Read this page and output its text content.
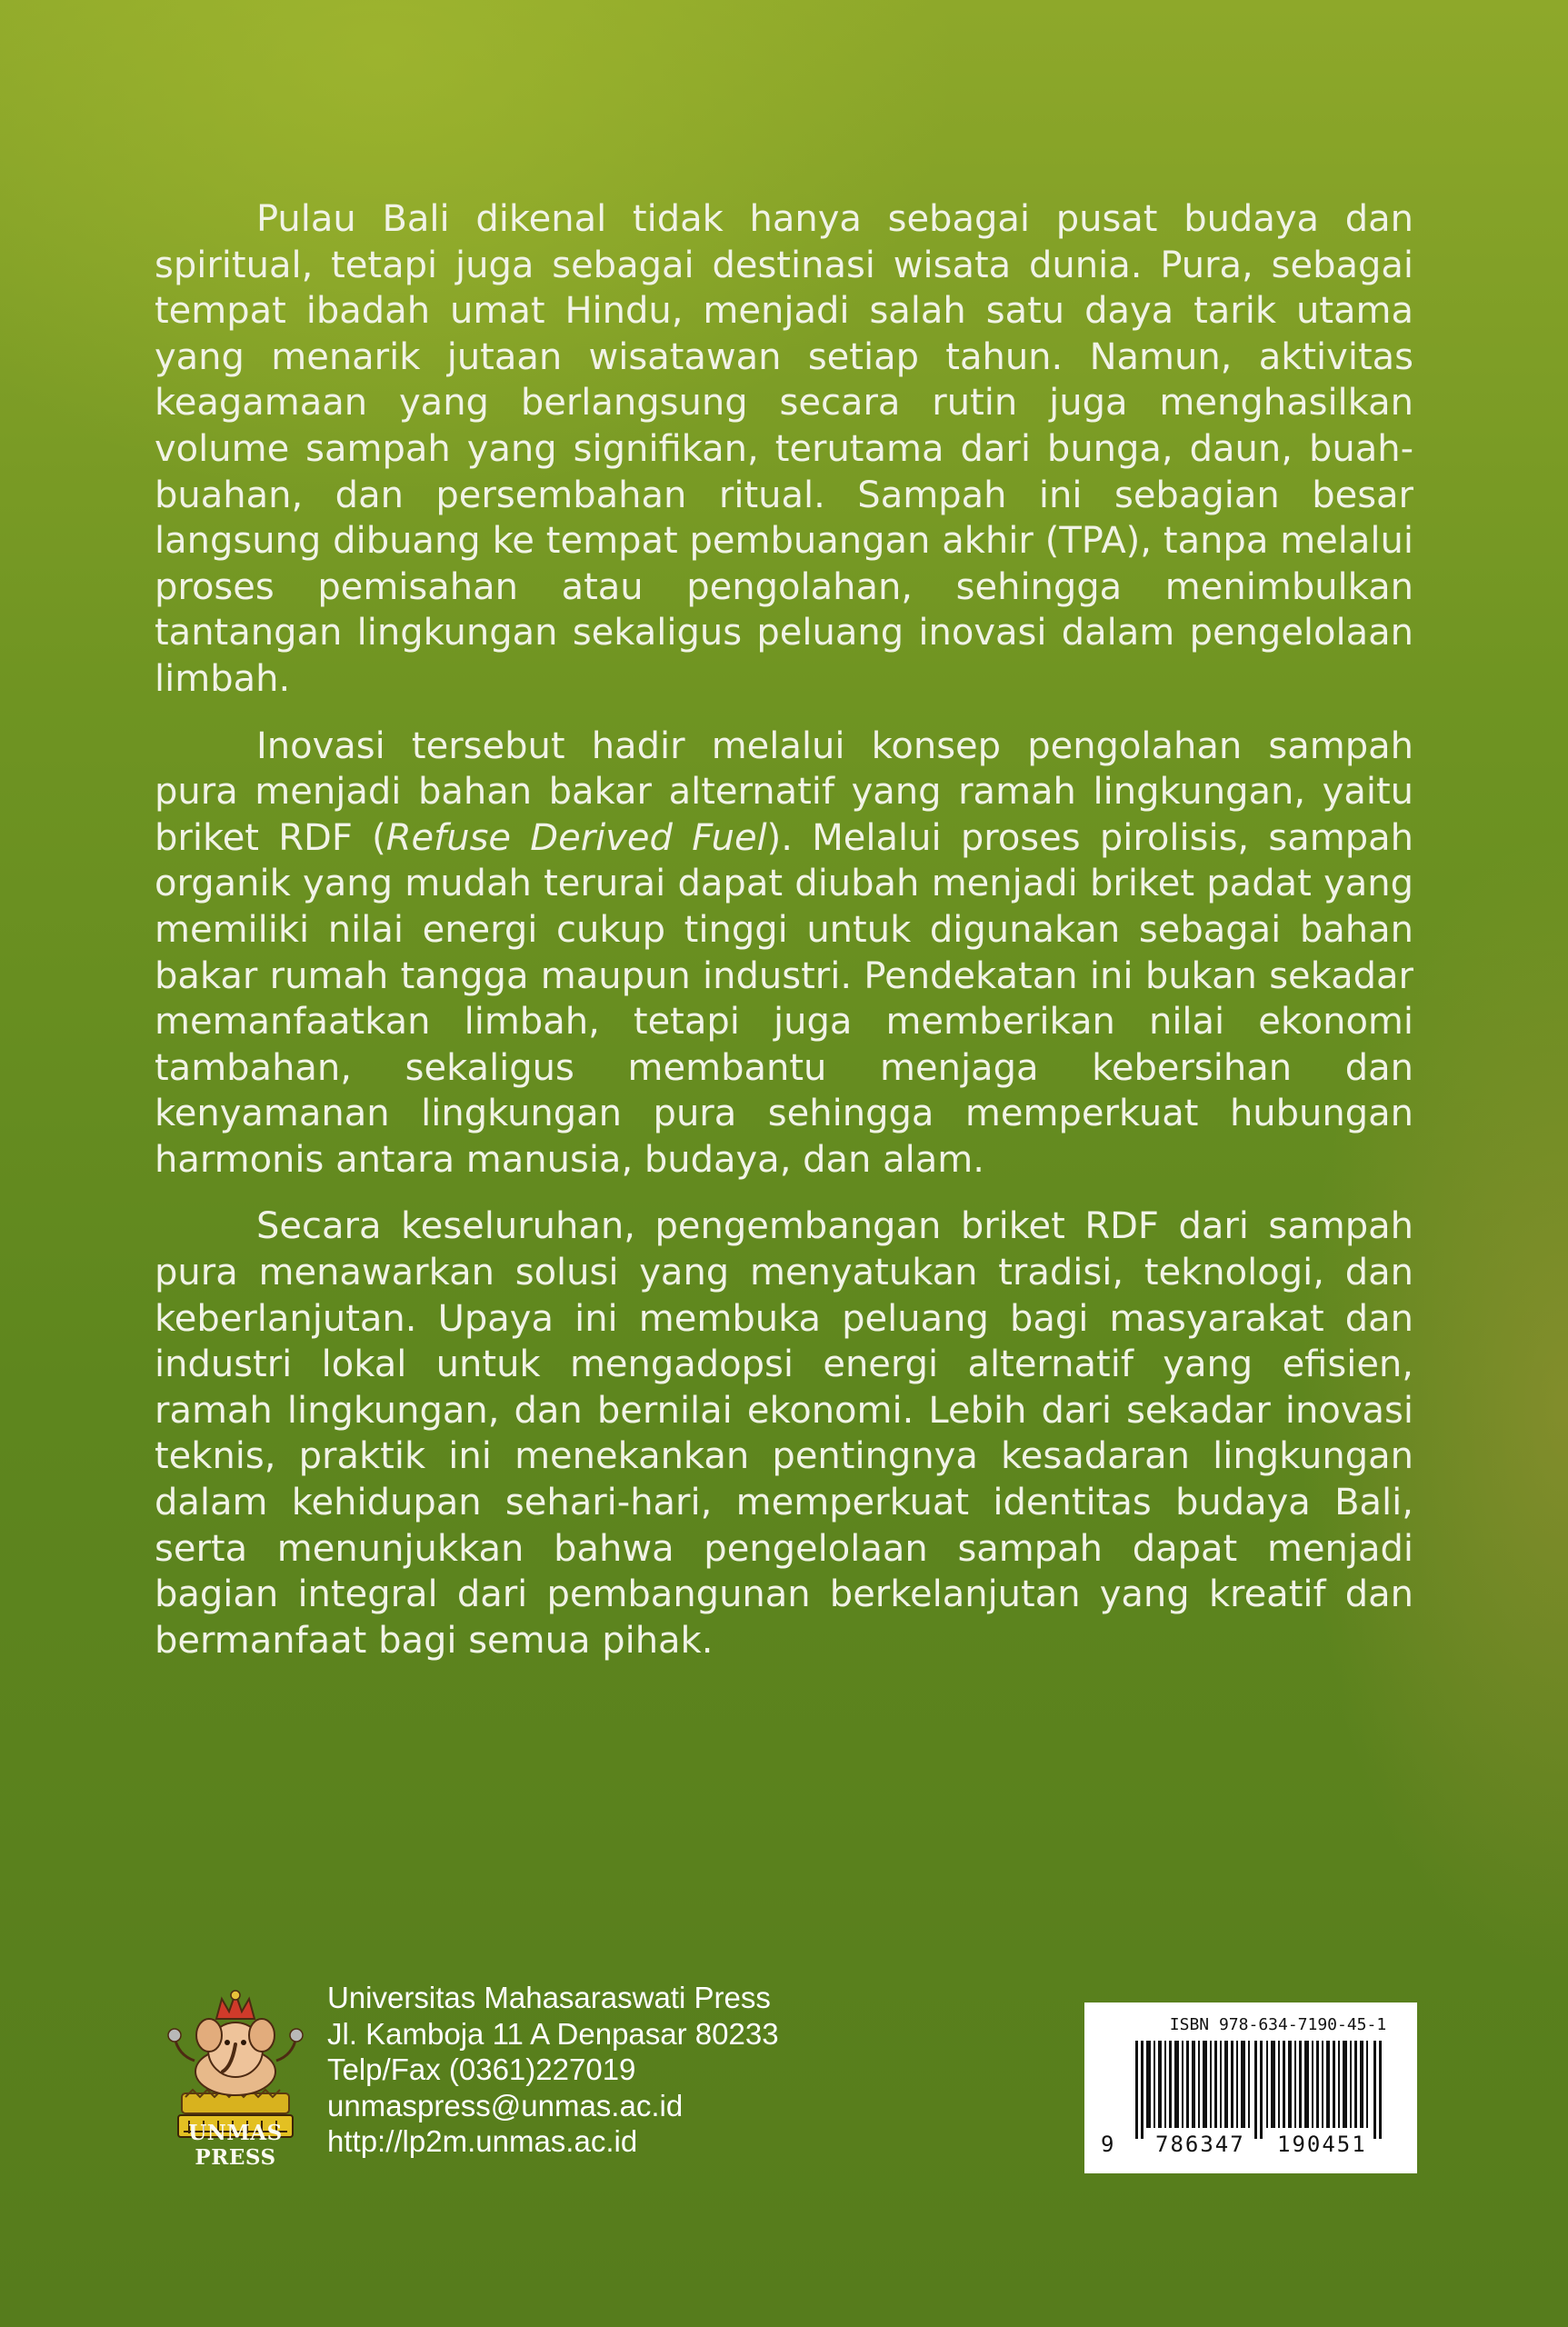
Pulau Bali dikenal tidak hanya sebagai pusat budaya dan spiritual, tetapi juga sebagai destinasi wisata dunia. Pura, sebagai tempat ibadah umat Hindu, menjadi salah satu daya tarik utama yang menarik jutaan wisatawan setiap tahun. Namun, aktivitas keagamaan yang berlangsung secara rutin juga menghasilkan volume sampah yang signifikan, terutama dari bunga, daun, buah-buahan, dan persembahan ritual. Sampah ini sebagian besar langsung dibuang ke tempat pembuangan akhir (TPA), tanpa melalui proses pemisahan atau pengolahan, sehingga menimbulkan tantangan lingkungan sekaligus peluang inovasi dalam pengelolaan limbah.

Inovasi tersebut hadir melalui konsep pengolahan sampah pura menjadi bahan bakar alternatif yang ramah lingkungan, yaitu briket RDF (Refuse Derived Fuel). Melalui proses pirolisis, sampah organik yang mudah terurai dapat diubah menjadi briket padat yang memiliki nilai energi cukup tinggi untuk digunakan sebagai bahan bakar rumah tangga maupun industri. Pendekatan ini bukan sekadar memanfaatkan limbah, tetapi juga memberikan nilai ekonomi tambahan, sekaligus membantu menjaga kebersihan dan kenyamanan lingkungan pura sehingga memperkuat hubungan harmonis antara manusia, budaya, dan alam.

Secara keseluruhan, pengembangan briket RDF dari sampah pura menawarkan solusi yang menyatukan tradisi, teknologi, dan keberlanjutan. Upaya ini membuka peluang bagi masyarakat dan industri lokal untuk mengadopsi energi alternatif yang efisien, ramah lingkungan, dan bernilai ekonomi. Lebih dari sekadar inovasi teknis, praktik ini menekankan pentingnya kesadaran lingkungan dalam kehidupan sehari-hari, memperkuat identitas budaya Bali, serta menunjukkan bahwa pengelolaan sampah dapat menjadi bagian integral dari pembangunan berkelanjutan yang kreatif dan bermanfaat bagi semua pihak.

UNMAS PRESS
Universitas Mahasaraswati Press
Jl. Kamboja 11 A Denpasar 80233
Telp/Fax (0361)227019
unmaspress@unmas.ac.id
http://lp2m.unmas.ac.id
ISBN 978-634-7190-45-1
9 786347 190451
